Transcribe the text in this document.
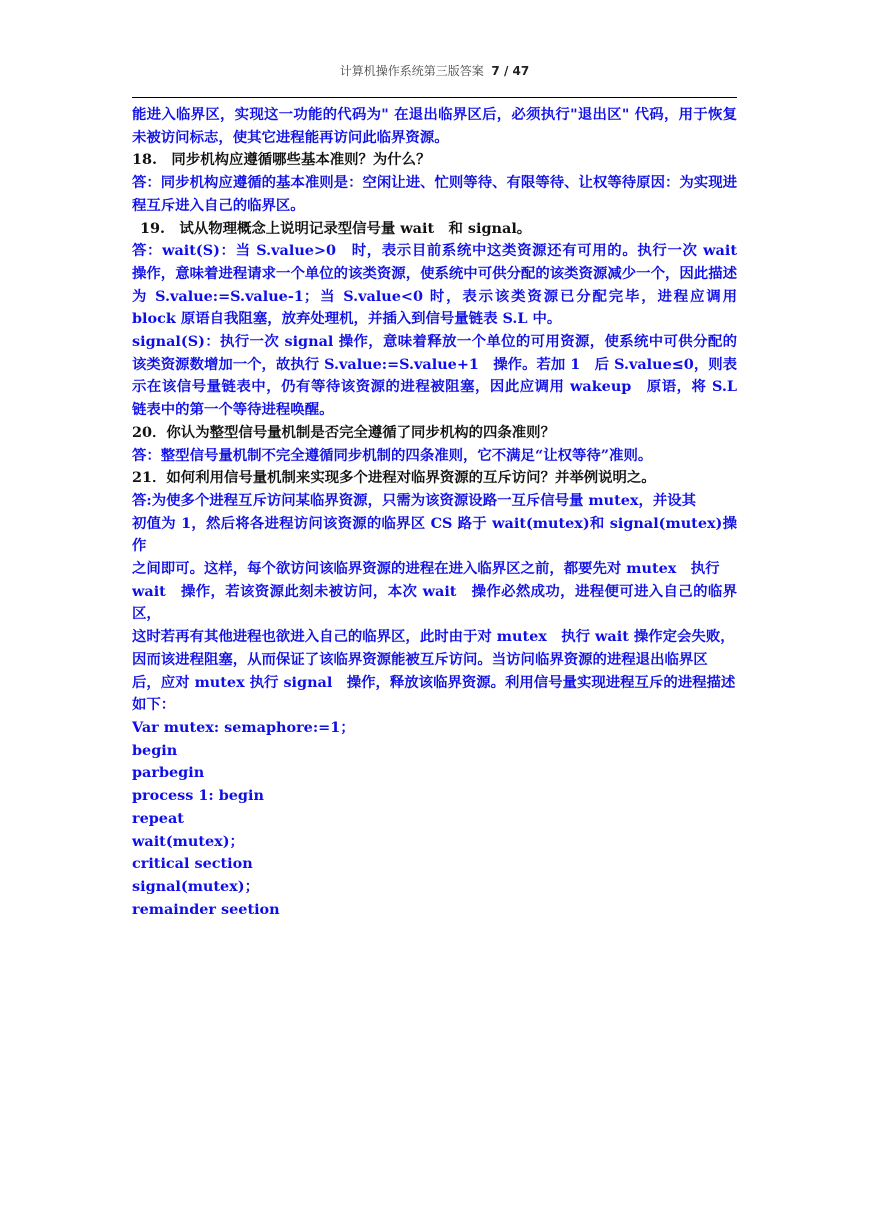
计算机操作系统第三版答案 7 / 47

能进入临界区，实现这一功能的代码为" 在退出临界区后，必须执行"退出区" 代码，用于恢复未被访问标志，使其它进程能再访问此临界资源。

18.　同步机构应遵循哪些基本准则？为什么？

答：同步机构应遵循的基本准则是：空闲让进、忙则等待、有限等待、让权等待原因：为实现进程互斥进入自己的临界区。

19.　试从物理概念上说明记录型信号量 wait　和 signal。

答：wait(S)：当 S.value>0　时，表示目前系统中这类资源还有可用的。执行一次 wait　操作，意味着进程请求一个单位的该类资源，使系统中可供分配的该类资源减少一个，因此描述为 S.value:=S.value-1；当 S.value<0 时，表示该类资源已分配完毕，进程应调用 block 原语自我阻塞，放弃处理机，并插入到信号量链表 S.L 中。

signal(S)：执行一次 signal 操作，意味着释放一个单位的可用资源，使系统中可供分配的该类资源数增加一个，故执行 S.value:=S.value+1　操作。若加 1　后 S.value≤0，则表示在该信号量链表中，仍有等待该资源的进程被阻塞，因此应调用 wakeup　原语，将 S.L 链表中的第一个等待进程唤醒。

20．你认为整型信号量机制是否完全遵循了同步机构的四条准则？

答：整型信号量机制不完全遵循同步机制的四条准则，它不满足“让权等待”准则。

21．如何利用信号量机制来实现多个进程对临界资源的互斥访问？并举例说明之。

答:为使多个进程互斥访问某临界资源，只需为该资源设路一互斥信号量 mutex，并设其

初值为 1，然后将各进程访问该资源的临界区 CS 路于 wait(mutex)和 signal(mutex)操作

之间即可。这样，每个欲访问该临界资源的进程在进入临界区之前，都要先对 mutex　执行

wait　操作，若该资源此刻未被访问，本次 wait　操作必然成功，进程便可进入自己的临界区，

这时若再有其他进程也欲进入自己的临界区，此时由于对 mutex　执行 wait 操作定会失败，

因而该进程阻塞，从而保证了该临界资源能被互斥访问。当访问临界资源的进程退出临界区

后，应对 mutex 执行 signal　操作，释放该临界资源。利用信号量实现进程互斥的进程描述

如下：

Var mutex: semaphore:=1；

begin

parbegin

process 1: begin

repeat

wait(mutex)；

critical section

signal(mutex)；

remainder seetion
